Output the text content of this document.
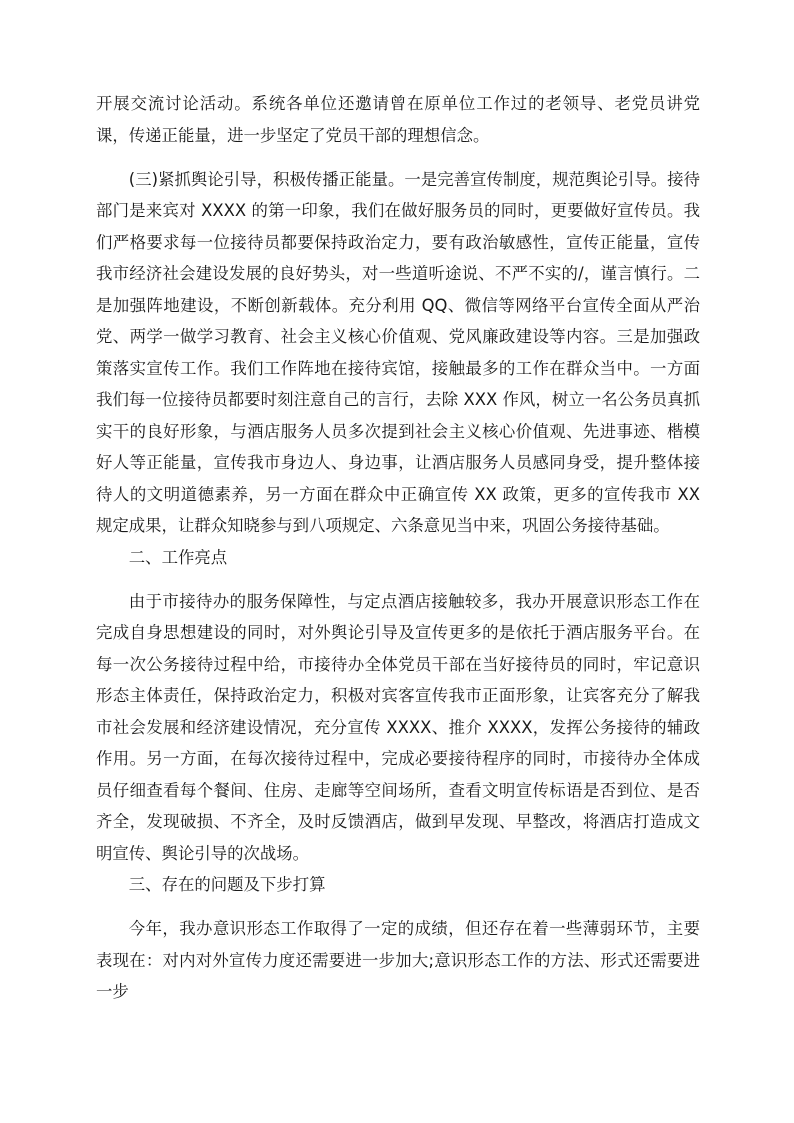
开展交流讨论活动。系统各单位还邀请曾在原单位工作过的老领导、老党员讲党课，传递正能量，进一步坚定了党员干部的理想信念。

(三)紧抓舆论引导，积极传播正能量。一是完善宣传制度，规范舆论引导。接待部门是来宾对 XXXX 的第一印象，我们在做好服务员的同时，更要做好宣传员。我们严格要求每一位接待员都要保持政治定力，要有政治敏感性，宣传正能量，宣传我市经济社会建设发展的良好势头，对一些道听途说、不严不实的/，谨言慎行。二是加强阵地建设，不断创新载体。充分利用 QQ、微信等网络平台宣传全面从严治党、两学一做学习教育、社会主义核心价值观、党风廉政建设等内容。三是加强政策落实宣传工作。我们工作阵地在接待宾馆，接触最多的工作在群众当中。一方面我们每一位接待员都要时刻注意自己的言行，去除 XXX 作风，树立一名公务员真抓实干的良好形象，与酒店服务人员多次提到社会主义核心价值观、先进事迹、楷模好人等正能量，宣传我市身边人、身边事，让酒店服务人员感同身受，提升整体接待人的文明道德素养，另一方面在群众中正确宣传 XX 政策，更多的宣传我市 XX 规定成果，让群众知晓参与到八项规定、六条意见当中来，巩固公务接待基础。

二、工作亮点

由于市接待办的服务保障性，与定点酒店接触较多，我办开展意识形态工作在完成自身思想建设的同时，对外舆论引导及宣传更多的是依托于酒店服务平台。在每一次公务接待过程中给，市接待办全体党员干部在当好接待员的同时，牢记意识形态主体责任，保持政治定力，积极对宾客宣传我市正面形象，让宾客充分了解我市社会发展和经济建设情况，充分宣传 XXXX、推介 XXXX，发挥公务接待的辅政作用。另一方面，在每次接待过程中，完成必要接待程序的同时，市接待办全体成员仔细查看每个餐间、住房、走廊等空间场所，查看文明宣传标语是否到位、是否齐全，发现破损、不齐全，及时反馈酒店，做到早发现、早整改，将酒店打造成文明宣传、舆论引导的次战场。

三、存在的问题及下步打算

今年，我办意识形态工作取得了一定的成绩，但还存在着一些薄弱环节，主要表现在：对内对外宣传力度还需要进一步加大;意识形态工作的方法、形式还需要进一步
